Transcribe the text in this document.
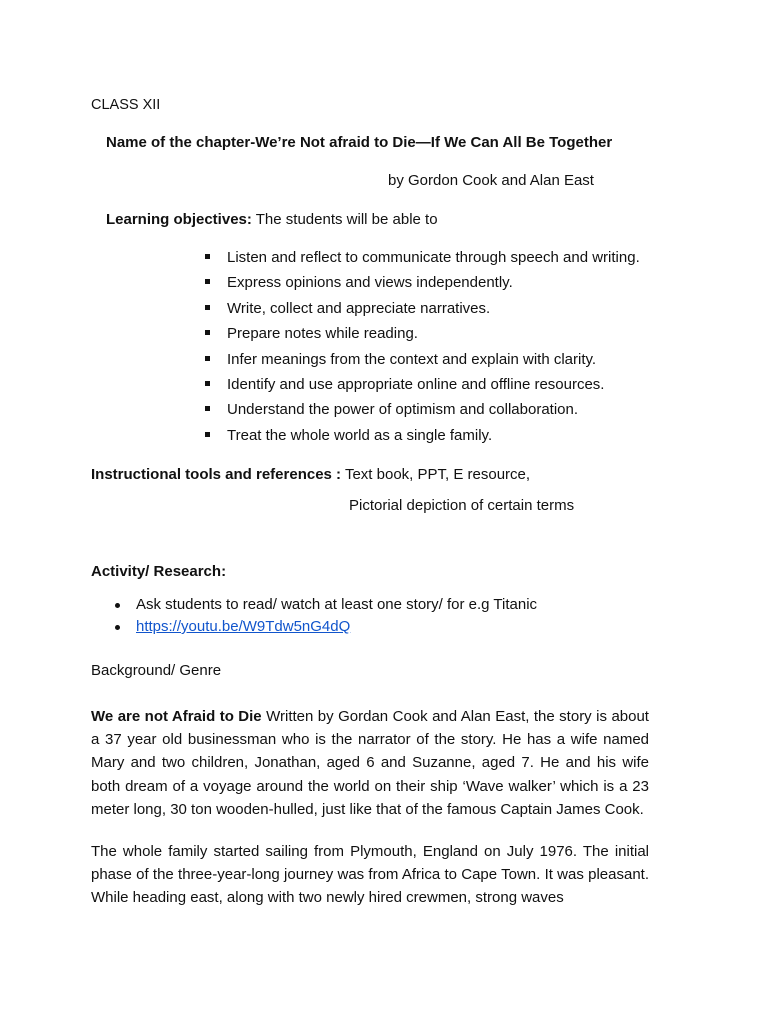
CLASS XII
Name of the chapter-We’re Not afraid to Die—If We Can All Be Together
by Gordon Cook and Alan East
Learning objectives: The students will be able to
Listen and reflect to communicate through speech and writing.
Express opinions and views independently.
Write, collect and appreciate narratives.
Prepare notes while reading.
Infer meanings from the context and explain with clarity.
Identify and use appropriate online and offline resources.
Understand the power of optimism and collaboration.
Treat the whole world as a single family.
Instructional tools and references : Text book, PPT, E resource,
Pictorial depiction of certain terms
Activity/ Research:
Ask students to read/ watch at least one story/ for e.g Titanic
https://youtu.be/W9Tdw5nG4dQ
Background/ Genre

We are not Afraid to Die Written by Gordan Cook and Alan East, the story is about a 37 year old businessman who is the narrator of the story. He has a wife named Mary and two children, Jonathan, aged 6 and Suzanne, aged 7. He and his wife both dream of a voyage around the world on their ship ‘Wave walker’ which is a 23 meter long, 30 ton wooden-hulled, just like that of the famous Captain James Cook.

The whole family started sailing from Plymouth, England on July 1976. The initial phase of the three-year-long journey was from Africa to Cape Town. It was pleasant. While heading east, along with two newly hired crewmen, strong waves
